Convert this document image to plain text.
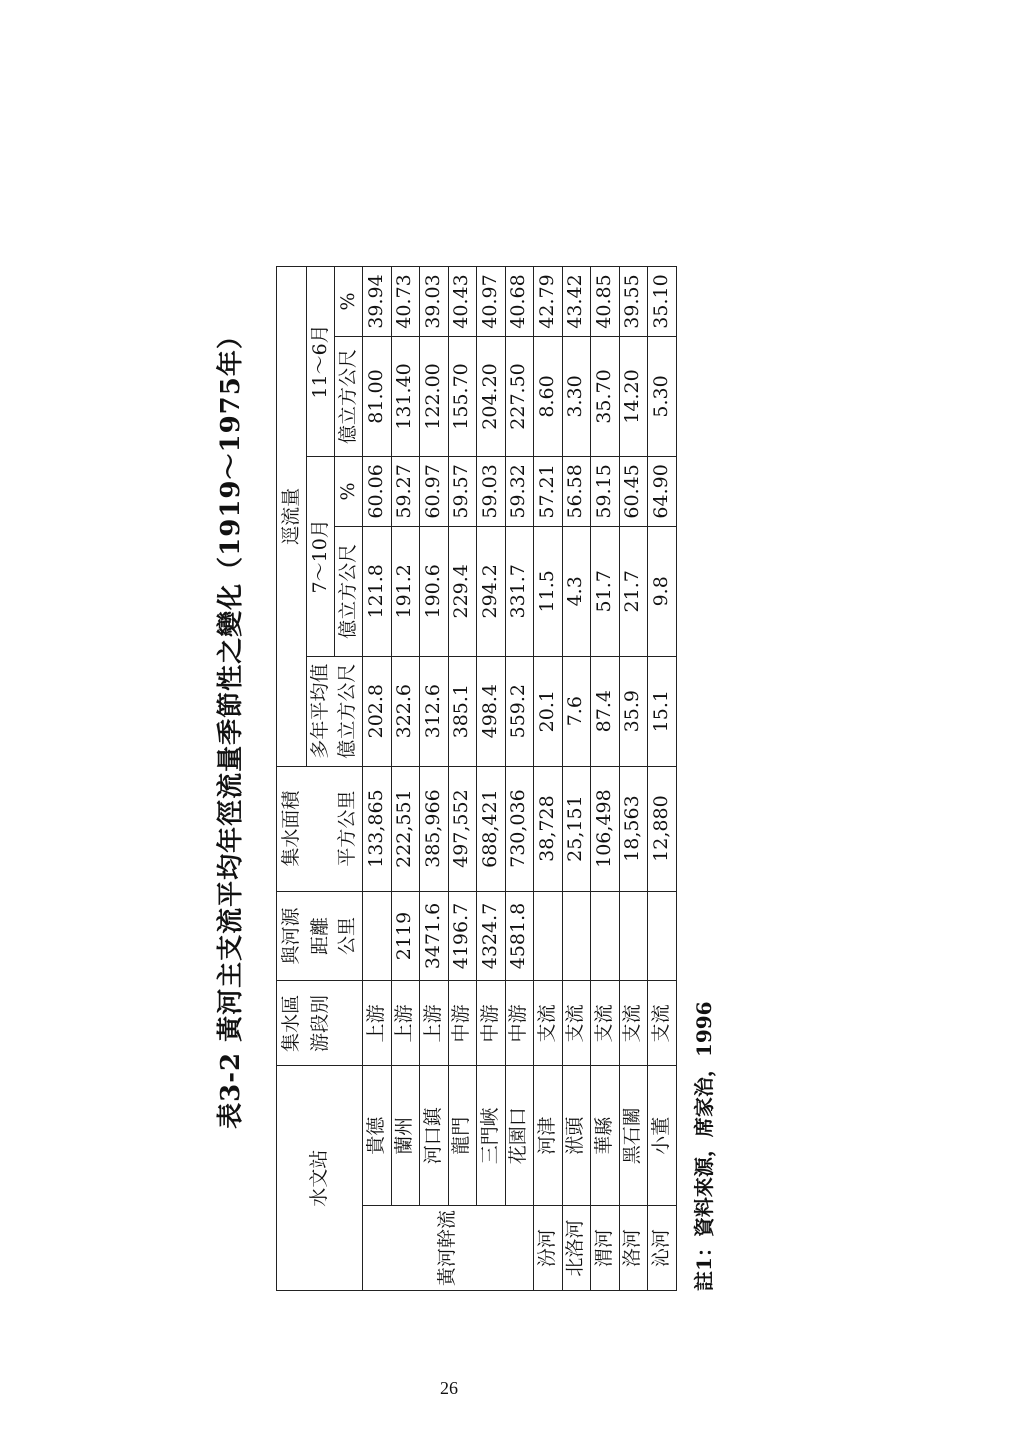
表3-2 黃河主支流平均年徑流量季節性之變化（1919～1975年）
水文站		集水區	與河源	集水面積	逕流量				
		游段別	距離		多年平均值	7～10月		11～6月	
			公里	平方公里	億立方公尺	億立方公尺	%	億立方公尺	%
黃河幹流	貴德	上游		133,865	202.8	121.8	60.06	81.00	39.94
	蘭州	上游	2119	222,551	322.6	191.2	59.27	131.40	40.73
	河口鎮	上游	3471.6	385,966	312.6	190.6	60.97	122.00	39.03
	龍門	中游	4196.7	497,552	385.1	229.4	59.57	155.70	40.43
	三門峽	中游	4324.7	688,421	498.4	294.2	59.03	204.20	40.97
	花園口	中游	4581.8	730,036	559.2	331.7	59.32	227.50	40.68
汾河	河津	支流		38,728	20.1	11.5	57.21	8.60	42.79
北洛河	洑頭	支流		25,151	7.6	4.3	56.58	3.30	43.42
渭河	華縣	支流		106,498	87.4	51.7	59.15	35.70	40.85
洛河	黑石關	支流		18,563	35.9	21.7	60.45	14.20	39.55
沁河	小董	支流		12,880	15.1	9.8	64.90	5.30	35.10
註1：資料來源，席家治，1996
26
